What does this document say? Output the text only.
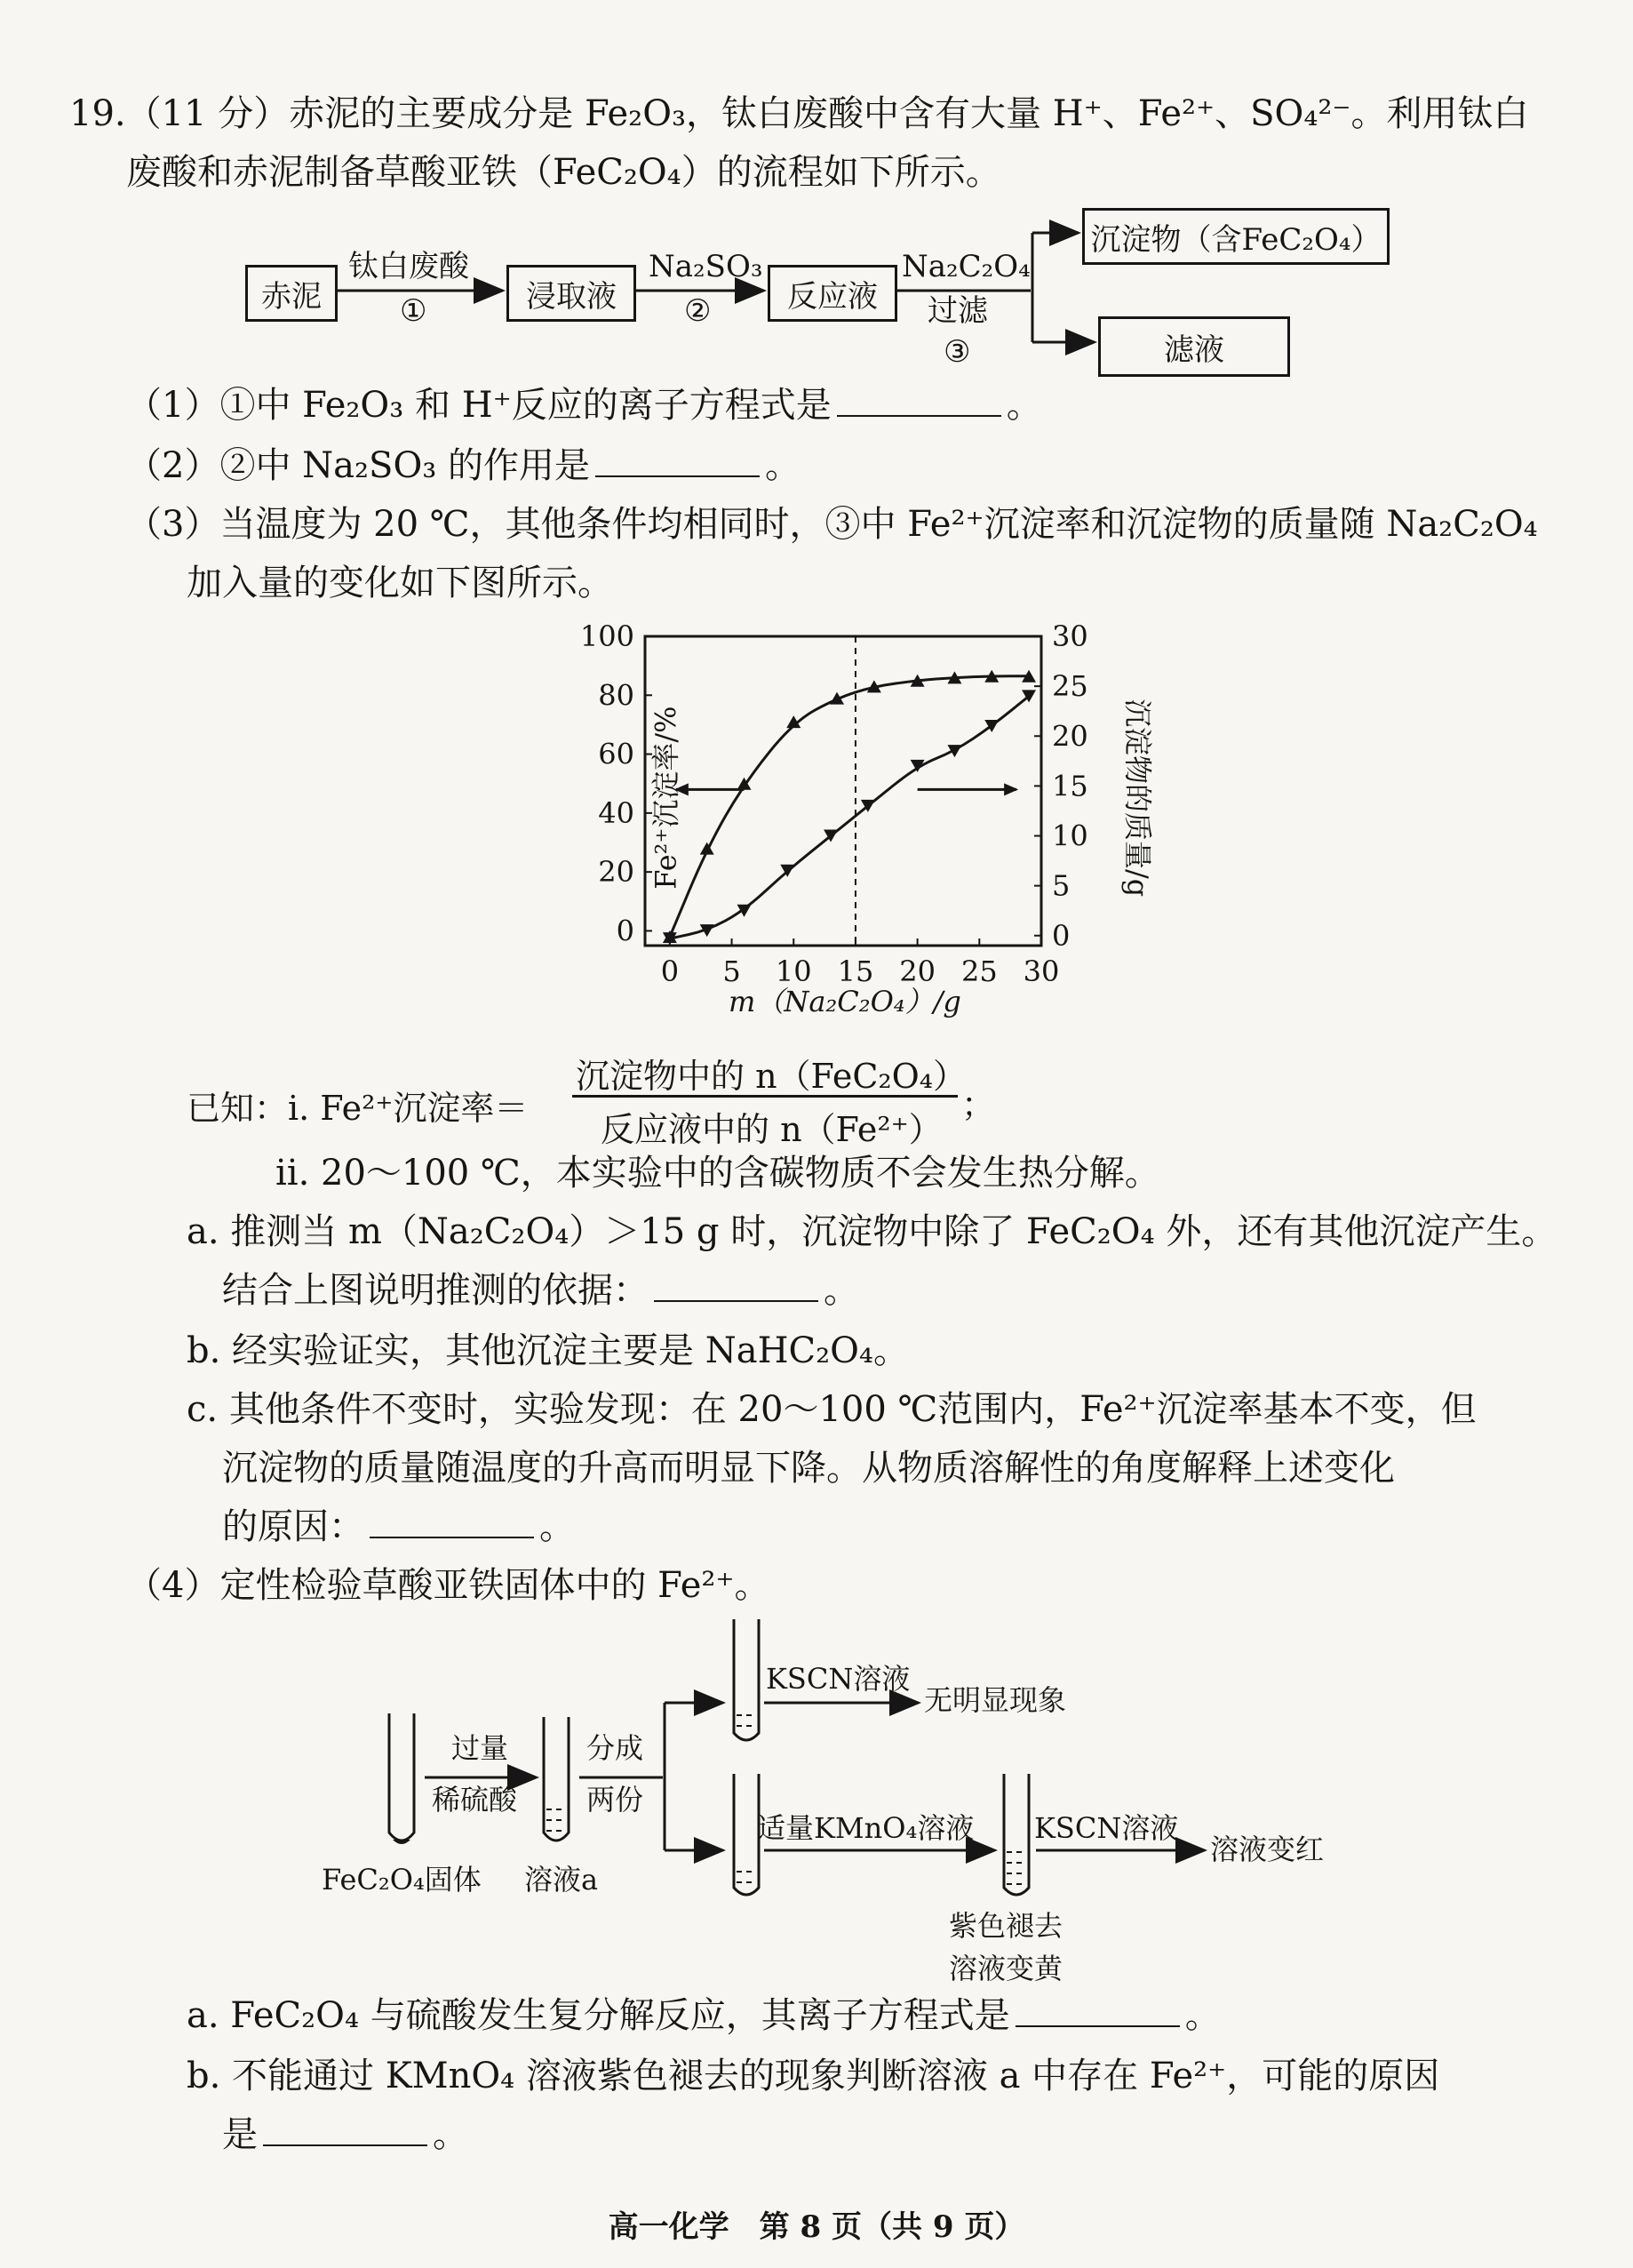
19.（11 分）赤泥的主要成分是 Fe₂O₃，钛白废酸中含有大量 H⁺、Fe²⁺、SO₄²⁻。利用钛白
废酸和赤泥制备草酸亚铁（FeC₂O₄）的流程如下所示。
赤泥	浸取液	反应液
沉淀物（含FeC₂O₄）
滤液
钛白废酸
①
Na₂SO₃
②
Na₂C₂O₄
过滤
③
（1）①中 Fe₂O₃ 和 H⁺反应的离子方程式是	。
（2）②中 Na₂SO₃ 的作用是	。
（3）当温度为 20 ℃，其他条件均相同时，③中 Fe²⁺沉淀率和沉淀物的质量随 Na₂C₂O₄
加入量的变化如下图所示。
0 5 10 15 20 25 30
0
20
40
60
80
100
0
5
10
15
20
25
30
Fe²⁺沉淀率/%	沉淀物的质量/g
m（Na₂C₂O₄）/g
已知：ⅰ. Fe²⁺沉淀率＝
沉淀物中的 n（FeC₂O₄）
反应液中的 n（Fe²⁺）
；
ⅱ. 20～100 ℃，本实验中的含碳物质不会发生热分解。
a. 推测当 m（Na₂C₂O₄）＞15 g 时，沉淀物中除了 FeC₂O₄ 外，还有其他沉淀产生。
结合上图说明推测的依据：	。
b. 经实验证实，其他沉淀主要是 NaHC₂O₄。
c. 其他条件不变时，实验发现：在 20～100 ℃范围内，Fe²⁺沉淀率基本不变，但
沉淀物的质量随温度的升高而明显下降。从物质溶解性的角度解释上述变化
的原因：	。
（4）定性检验草酸亚铁固体中的 Fe²⁺。
过量
稀硫酸
分成
两份
FeC₂O₄固体 溶液a
KSCN溶液
无明显现象
适量KMnO₄溶液 KSCN溶液
溶液变红
紫色褪去
溶液变黄
a. FeC₂O₄ 与硫酸发生复分解反应，其离子方程式是	。
b. 不能通过 KMnO₄ 溶液紫色褪去的现象判断溶液 a 中存在 Fe²⁺，可能的原因
是	。
高一化学　第 8 页（共 9 页）
